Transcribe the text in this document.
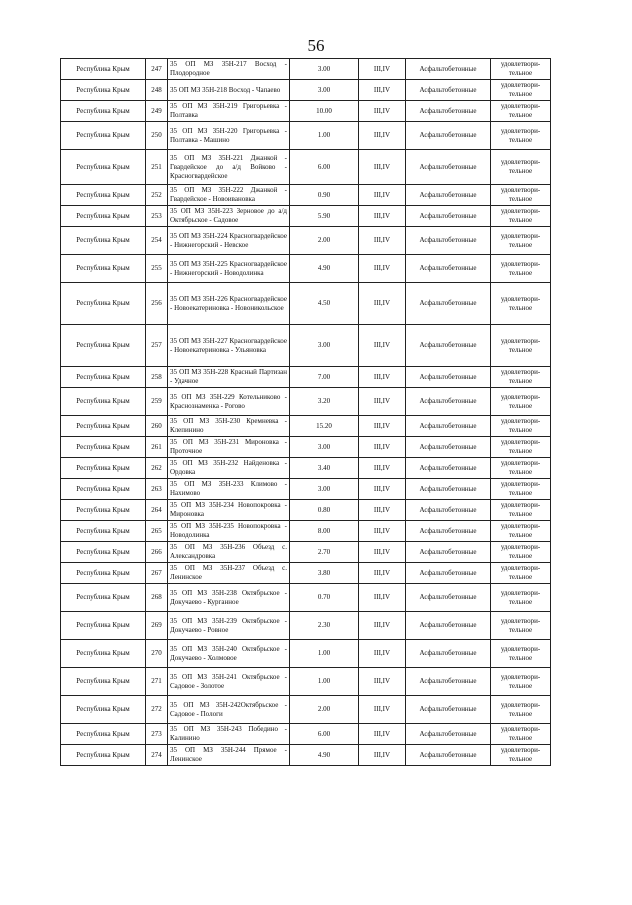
56
Республика Крым	247	35 ОП МЗ 35Н-217 Восход - Плодородное	3.00	III,IV	Асфальтобетонные	удовлетвори-тельное
Республика Крым	248	35 ОП МЗ 35Н-218 Восход - Чапаево	3.00	III,IV	Асфальтобетонные	удовлетвори-тельное
Республика Крым	249	35 ОП МЗ 35Н-219 Григорьевка - Полтавка	10.00	III,IV	Асфальтобетонные	удовлетвори-тельное
Республика Крым	250	35 ОП МЗ 35Н-220 Григорьевка - Полтавка - Машино	1.00	III,IV	Асфальтобетонные	удовлетвори-тельное
Республика Крым	251	35 ОП МЗ 35Н-221 Джанкой - Гвардейское до а/д Войково - Красногвардейское	6.00	III,IV	Асфальтобетонные	удовлетвори-тельное
Республика Крым	252	35 ОП МЗ 35Н-222 Джанкой - Гвардейское - Новоивановка	0.90	III,IV	Асфальтобетонные	удовлетвори-тельное
Республика Крым	253	35 ОП МЗ 35Н-223 Зерновое до а/д Октябрьское - Садовое	5.90	III,IV	Асфальтобетонные	удовлетвори-тельное
Республика Крым	254	35 ОП МЗ 35Н-224 Красногвардейское - Нижнегорский - Невское	2.00	III,IV	Асфальтобетонные	удовлетвори-тельное
Республика Крым	255	35 ОП МЗ 35Н-225 Красногвардейское - Нижнегорский - Новодолинка	4.90	III,IV	Асфальтобетонные	удовлетвори-тельное
Республика Крым	256	35 ОП МЗ 35Н-226 Красногвардейское - Новоекатериновка - Новоникольское	4.50	III,IV	Асфальтобетонные	удовлетвори-тельное
Республика Крым	257	35 ОП МЗ 35Н-227 Красногвардейское - Новоекатериновка - Ульяновка	3.00	III,IV	Асфальтобетонные	удовлетвори-тельное
Республика Крым	258	35 ОП МЗ 35Н-228 Красный Партизан - Удачное	7.00	III,IV	Асфальтобетонные	удовлетвори-тельное
Республика Крым	259	35 ОП МЗ 35Н-229 Котельниково - Краснознаменка - Рогово	3.20	III,IV	Асфальтобетонные	удовлетвори-тельное
Республика Крым	260	35 ОП МЗ 35Н-230 Кремневка - Клепинино	15.20	III,IV	Асфальтобетонные	удовлетвори-тельное
Республика Крым	261	35 ОП МЗ 35Н-231 Мироновка - Проточное	3.00	III,IV	Асфальтобетонные	удовлетвори-тельное
Республика Крым	262	35 ОП МЗ 35Н-232 Найденовка - Ордовка	3.40	III,IV	Асфальтобетонные	удовлетвори-тельное
Республика Крым	263	35 ОП МЗ 35Н-233 Климово - Нахимово	3.00	III,IV	Асфальтобетонные	удовлетвори-тельное
Республика Крым	264	35 ОП МЗ 35Н-234 Новопокровка - Мироновка	0.80	III,IV	Асфальтобетонные	удовлетвори-тельное
Республика Крым	265	35 ОП МЗ 35Н-235 Новопокровка - Новодолинка	8.00	III,IV	Асфальтобетонные	удовлетвори-тельное
Республика Крым	266	35 ОП МЗ 35Н-236 Объезд с. Александровка	2.70	III,IV	Асфальтобетонные	удовлетвори-тельное
Республика Крым	267	35 ОП МЗ 35Н-237 Объезд с. Ленинское	3.80	III,IV	Асфальтобетонные	удовлетвори-тельное
Республика Крым	268	35 ОП МЗ 35Н-238 Октябрьское - Докучаево - Курганное	0.70	III,IV	Асфальтобетонные	удовлетвори-тельное
Республика Крым	269	35 ОП МЗ 35Н-239 Октябрьское - Докучаево - Ровное	2.30	III,IV	Асфальтобетонные	удовлетвори-тельное
Республика Крым	270	35 ОП МЗ 35Н-240 Октябрьское - Докучаево - Холмовое	1.00	III,IV	Асфальтобетонные	удовлетвори-тельное
Республика Крым	271	35 ОП МЗ 35Н-241 Октябрьское - Садовое - Золотое	1.00	III,IV	Асфальтобетонные	удовлетвори-тельное
Республика Крым	272	35 ОП МЗ 35Н-242Октябрьское - Садовое - Пологи	2.00	III,IV	Асфальтобетонные	удовлетвори-тельное
Республика Крым	273	35 ОП МЗ 35Н-243 Победино - Калинино	6.00	III,IV	Асфальтобетонные	удовлетвори-тельное
Республика Крым	274	35 ОП МЗ 35Н-244 Прямое - Ленинское	4.90	III,IV	Асфальтобетонные	удовлетвори-тельное
